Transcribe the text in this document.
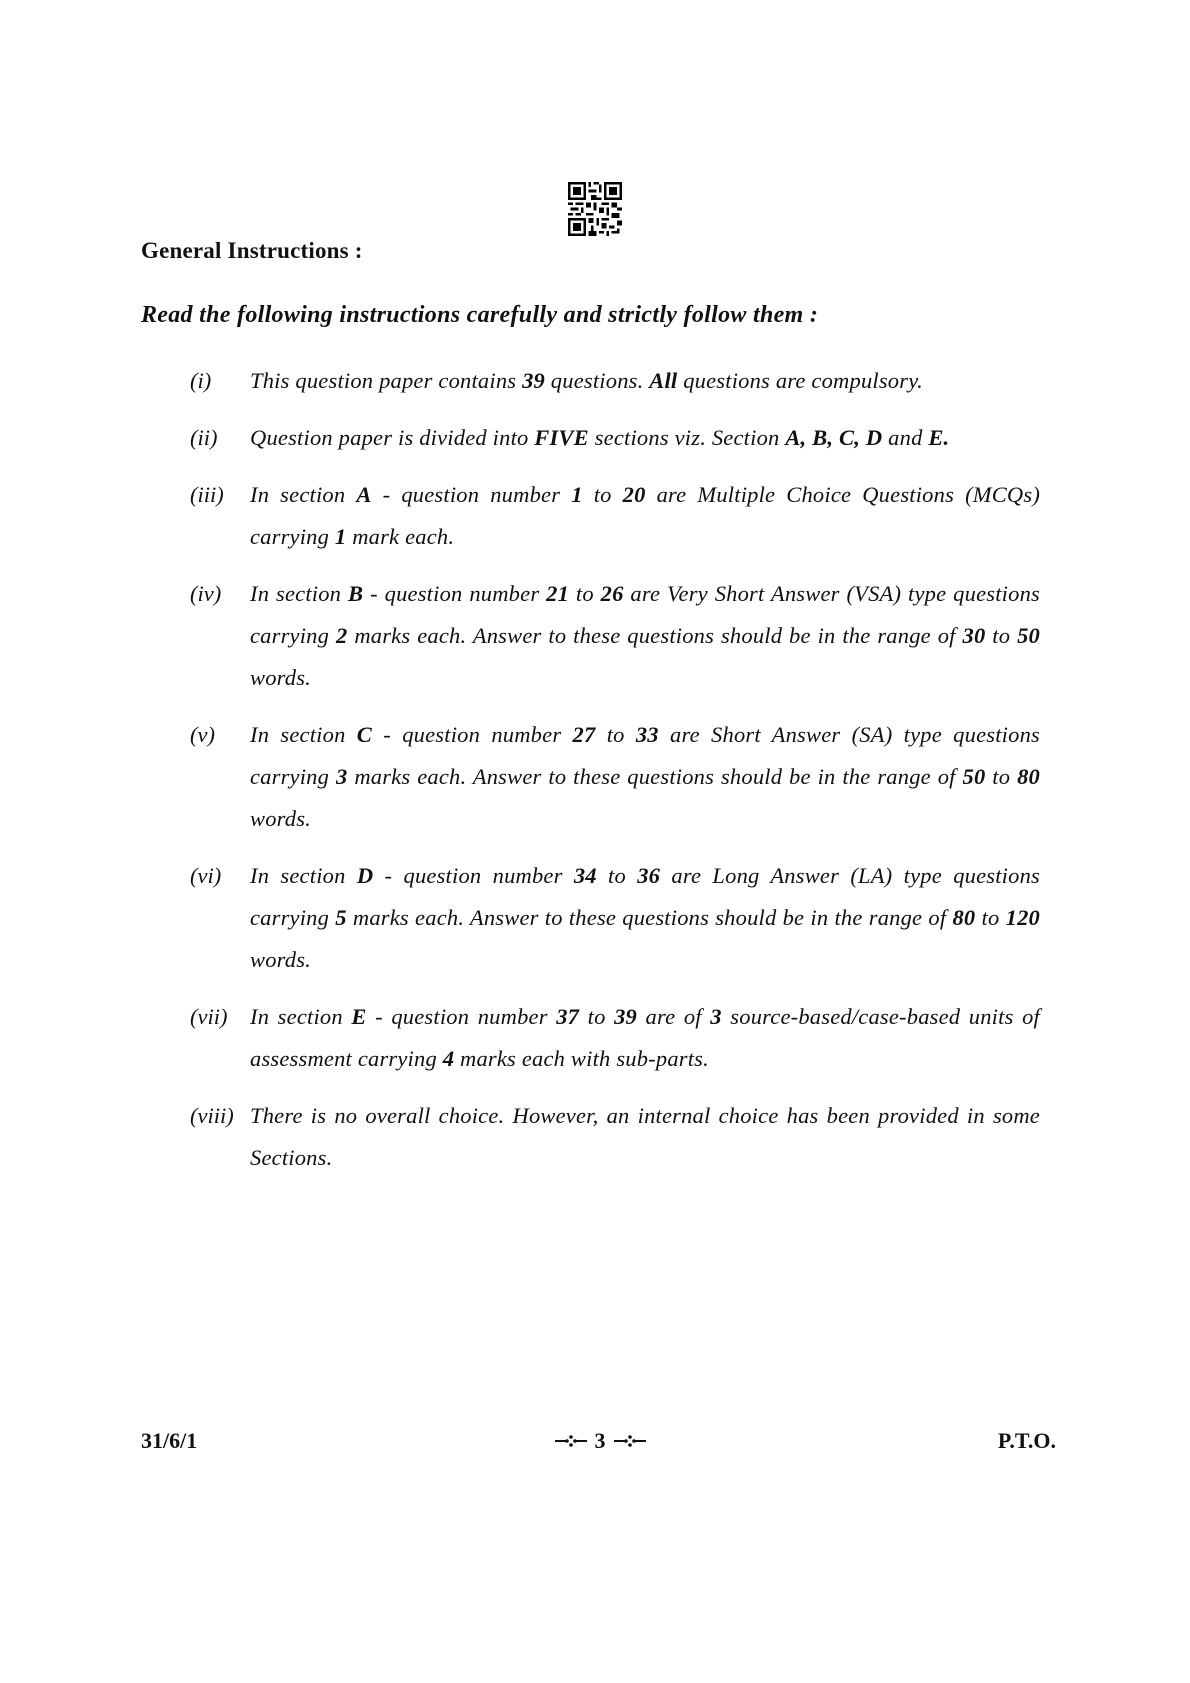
General Instructions :
Read the following instructions carefully and strictly follow them :
(i)	This question paper contains 39 questions. All questions are compulsory.
(ii)	Question paper is divided into FIVE sections viz. Section A, B, C, D and E.
(iii)	In section A - question number 1 to 20 are Multiple Choice Questions (MCQs) carrying 1 mark each.
(iv)	In section B - question number 21 to 26 are Very Short Answer (VSA) type questions carrying 2 marks each. Answer to these questions should be in the range of 30 to 50 words.
(v)	In section C - question number 27 to 33 are Short Answer (SA) type questions carrying 3 marks each. Answer to these questions should be in the range of 50 to 80 words.
(vi)	In section D - question number 34 to 36 are Long Answer (LA) type questions carrying 5 marks each. Answer to these questions should be in the range of 80 to 120 words.
(vii)	In section E - question number 37 to 39 are of 3 source-based/case-based units of assessment carrying 4 marks each with sub-parts.
(viii) There is no overall choice. However, an internal choice has been provided in some Sections.
31/6/1	3	P.T.O.
